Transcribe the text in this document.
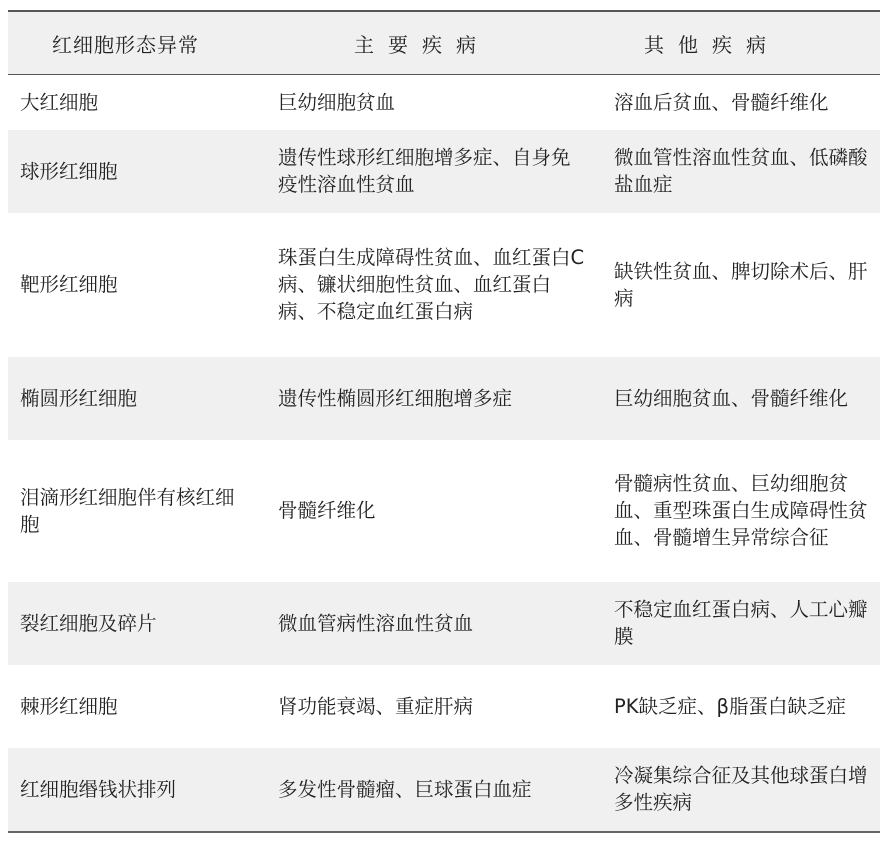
红细胞形态异常	主要疾病	其他疾病
大红细胞	巨幼细胞贫血	溶血后贫血、骨髓纤维化
球形红细胞	遗传性球形红细胞增多症、自身免疫性溶血性贫血	微血管性溶血性贫血、低磷酸盐血症
靶形红细胞	珠蛋白生成障碍性贫血、血红蛋白C病、镰状细胞性贫血、血红蛋白病、不稳定血红蛋白病	缺铁性贫血、脾切除术后、肝病
椭圆形红细胞	遗传性椭圆形红细胞增多症	巨幼细胞贫血、骨髓纤维化
泪滴形红细胞伴有核红细胞	骨髓纤维化	骨髓病性贫血、巨幼细胞贫血、重型珠蛋白生成障碍性贫血、骨髓增生异常综合征
裂红细胞及碎片	微血管病性溶血性贫血	不稳定血红蛋白病、人工心瓣膜
棘形红细胞	肾功能衰竭、重症肝病	PK缺乏症、β脂蛋白缺乏症
红细胞缗钱状排列	多发性骨髓瘤、巨球蛋白血症	冷凝集综合征及其他球蛋白增多性疾病
